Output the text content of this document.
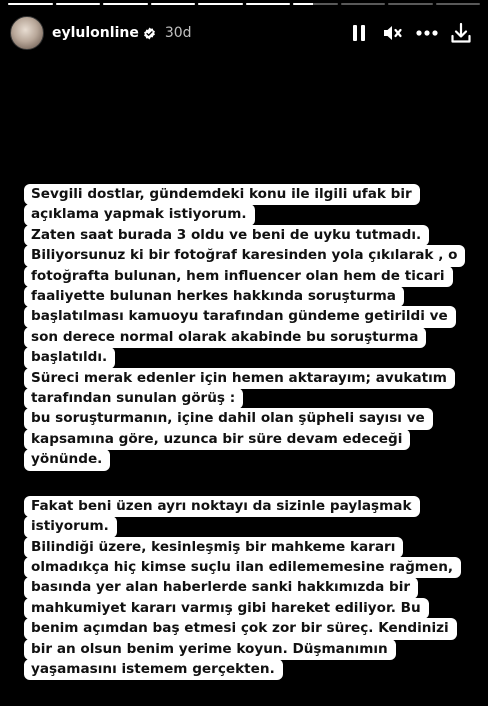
eylulonline 30d
Sevgili dostlar, gündemdeki konu ile ilgili ufak bir
açıklama yapmak istiyorum.
Zaten saat burada 3 oldu ve beni de uyku tutmadı.
Biliyorsunuz ki bir fotoğraf karesinden yola çıkılarak , o
fotoğrafta bulunan, hem influencer olan hem de ticari
faaliyette bulunan herkes hakkında soruşturma
başlatılması kamuoyu tarafından gündeme getirildi ve
son derece normal olarak akabinde bu soruşturma
başlatıldı.
Süreci merak edenler için hemen aktarayım; avukatım
tarafından sunulan görüş :
bu soruşturmanın, içine dahil olan şüpheli sayısı ve
kapsamına göre, uzunca bir süre devam edeceği
yönünde.
Fakat beni üzen ayrı noktayı da sizinle paylaşmak
istiyorum.
Bilindiği üzere, kesinleşmiş bir mahkeme kararı
olmadıkça hiç kimse suçlu ilan edilememesine rağmen,
basında yer alan haberlerde sanki hakkımızda bir
mahkumiyet kararı varmış gibi hareket ediliyor. Bu
benim açımdan baş etmesi çok zor bir süreç. Kendinizi
bir an olsun benim yerime koyun. Düşmanımın
yaşamasını istemem gerçekten.
